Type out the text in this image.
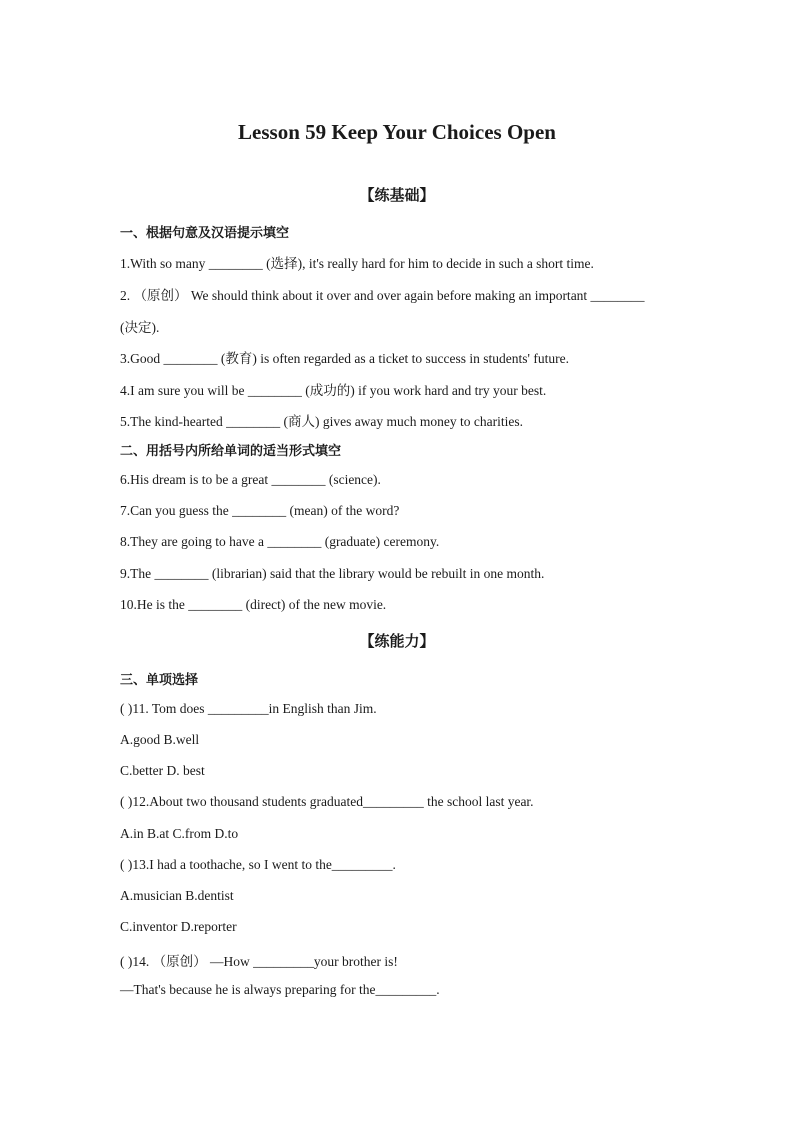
Lesson 59 Keep Your Choices Open
【练基础】
一、根据句意及汉语提示填空
1.With so many ________ (选择), it's really hard for him to decide in such a short time.
2. （原创） We should think about it over and over again before making an important ________
(决定).
3.Good ________ (教育) is often regarded as a ticket to success in students' future.
4.I am sure you will be ________ (成功的) if you work hard and try your best.
5.The kind-hearted ________ (商人) gives away much money to charities.
二、用括号内所给单词的适当形式填空
6.His dream is to be a great ________ (science).
7.Can you guess the ________ (mean) of the word?
8.They are going to have a ________ (graduate) ceremony.
9.The ________ (librarian) said that the library would be rebuilt in one month.
10.He is the ________ (direct) of the new movie.
【练能力】
三、单项选择
( )11. Tom does _________in English than Jim.
A.good B.well
C.better D. best
( )12.About two thousand students graduated_________ the school last year.
A.in B.at C.from D.to
( )13.I had a toothache, so I went to the_________.
A.musician B.dentist
C.inventor D.reporter
( )14. （原创） —How _________your brother is!
—That's because he is always preparing for the_________.
